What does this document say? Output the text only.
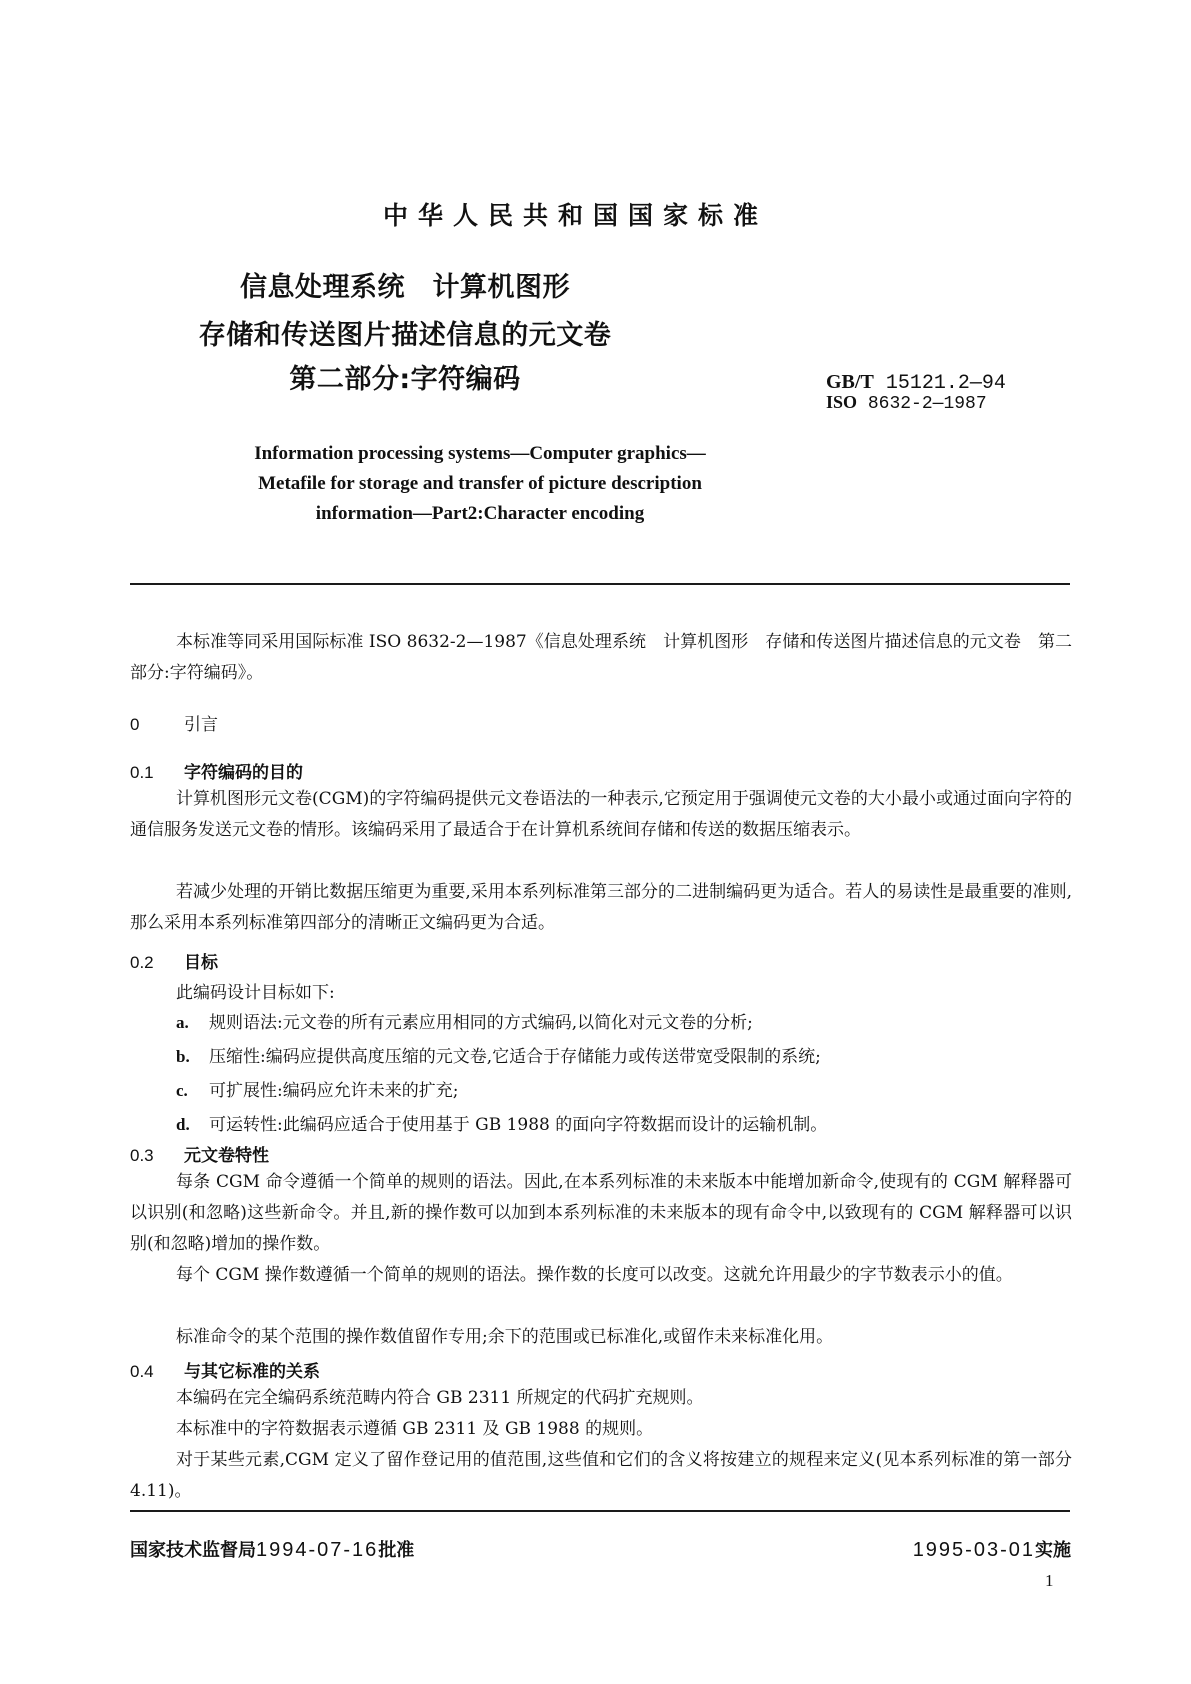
中华人民共和国国家标准
信息处理系统　计算机图形
存储和传送图片描述信息的元文卷
第二部分:字符编码	GB/T 15121.2—94
ISO 8632-2—1987
Information processing systems—Computer graphics—
Metafile for storage and transfer of picture description
information—Part2:Character encoding
本标准等同采用国际标准 ISO 8632-2—1987《信息处理系统　计算机图形　存储和传送图片描述信息的元文卷　第二部分:字符编码》。
0	引言
0.1 字符编码的目的
计算机图形元文卷(CGM)的字符编码提供元文卷语法的一种表示,它预定用于强调使元文卷的大小最小或通过面向字符的通信服务发送元文卷的情形。该编码采用了最适合于在计算机系统间存储和传送的数据压缩表示。
若减少处理的开销比数据压缩更为重要,采用本系列标准第三部分的二进制编码更为适合。若人的易读性是最重要的准则,那么采用本系列标准第四部分的清晰正文编码更为合适。
0.2 目标
此编码设计目标如下:
a. 规则语法:元文卷的所有元素应用相同的方式编码,以简化对元文卷的分析;
b. 压缩性:编码应提供高度压缩的元文卷,它适合于存储能力或传送带宽受限制的系统;
c. 可扩展性:编码应允许未来的扩充;
d. 可运转性:此编码应适合于使用基于 GB 1988 的面向字符数据而设计的运输机制。
0.3 元文卷特性
每条 CGM 命令遵循一个简单的规则的语法。因此,在本系列标准的未来版本中能增加新命令,使现有的 CGM 解释器可以识别(和忽略)这些新命令。并且,新的操作数可以加到本系列标准的未来版本的现有命令中,以致现有的 CGM 解释器可以识别(和忽略)增加的操作数。
每个 CGM 操作数遵循一个简单的规则的语法。操作数的长度可以改变。这就允许用最少的字节数表示小的值。
标准命令的某个范围的操作数值留作专用;余下的范围或已标准化,或留作未来标准化用。
0.4 与其它标准的关系
本编码在完全编码系统范畴内符合 GB 2311 所规定的代码扩充规则。
本标准中的字符数据表示遵循 GB 2311 及 GB 1988 的规则。
对于某些元素,CGM 定义了留作登记用的值范围,这些值和它们的含义将按建立的规程来定义(见本系列标准的第一部分 4.11)。
国家技术监督局1994-07-16批准	1995-03-01实施
1
